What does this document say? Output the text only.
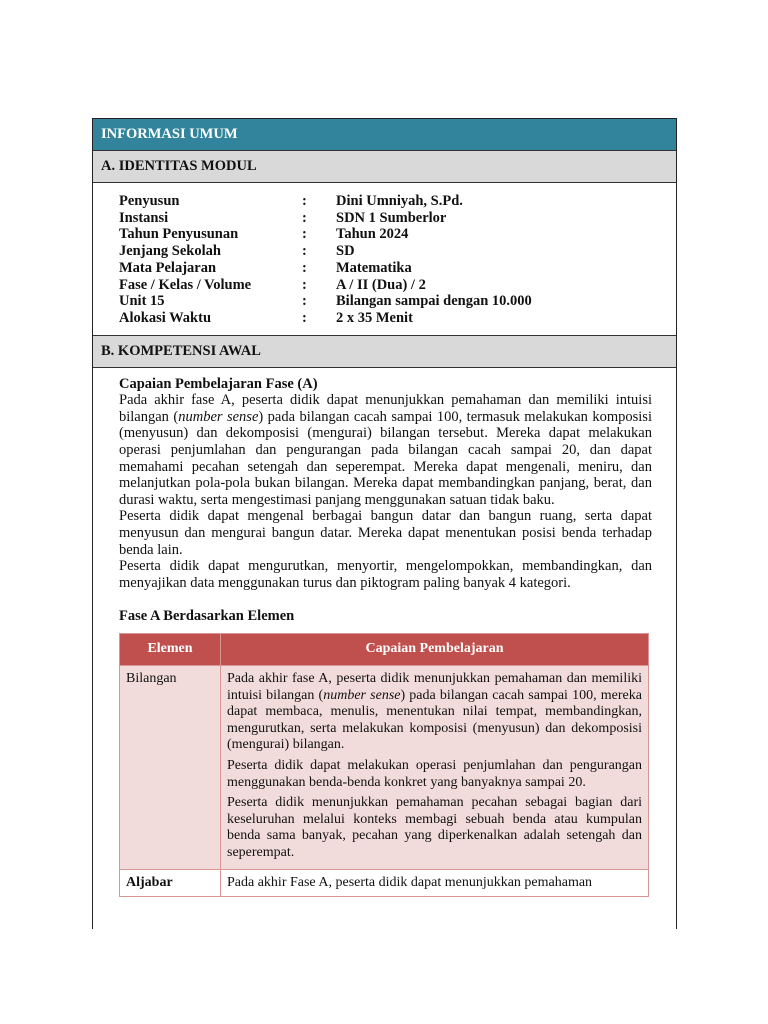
INFORMASI UMUM
A. IDENTITAS MODUL
Penyusun	:	Dini Umniyah, S.Pd.
Instansi	:	SDN 1 Sumberlor
Tahun Penyusunan	:	Tahun 2024
Jenjang Sekolah	:	SD
Mata Pelajaran	:	Matematika
Fase / Kelas / Volume	:	A / II (Dua) / 2
Unit 15	:	Bilangan sampai dengan 10.000
Alokasi Waktu	:	2 x 35 Menit
B. KOMPETENSI AWAL
Capaian Pembelajaran Fase (A)

Pada akhir fase A, peserta didik dapat menunjukkan pemahaman dan memiliki intuisi bilangan (number sense) pada bilangan cacah sampai 100, termasuk melakukan komposisi (menyusun) dan dekomposisi (mengurai) bilangan tersebut. Mereka dapat melakukan operasi penjumlahan dan pengurangan pada bilangan cacah sampai 20, dan dapat memahami pecahan setengah dan seperempat. Mereka dapat mengenali, meniru, dan melanjutkan pola-pola bukan bilangan. Mereka dapat membandingkan panjang, berat, dan durasi waktu, serta mengestimasi panjang menggunakan satuan tidak baku.

Peserta didik dapat mengenal berbagai bangun datar dan bangun ruang, serta dapat menyusun dan mengurai bangun datar. Mereka dapat menentukan posisi benda terhadap benda lain.

Peserta didik dapat mengurutkan, menyortir, mengelompokkan, membandingkan, dan menyajikan data menggunakan turus dan piktogram paling banyak 4 kategori.

Fase A Berdasarkan Elemen
Elemen	Capaian Pembelajaran
Bilangan	Pada akhir fase A, peserta didik menunjukkan pemahaman dan memiliki intuisi bilangan (number sense) pada bilangan cacah sampai 100, mereka dapat membaca, menulis, menentukan nilai tempat, membandingkan, mengurutkan, serta melakukan komposisi (menyusun) dan dekomposisi (mengurai) bilangan.

Peserta didik dapat melakukan operasi penjumlahan dan pengurangan menggunakan benda-benda konkret yang banyaknya sampai 20.

Peserta didik menunjukkan pemahaman pecahan sebagai bagian dari keseluruhan melalui konteks membagi sebuah benda atau kumpulan benda sama banyak, pecahan yang diperkenalkan adalah setengah dan seperempat.

Aljabar	Pada akhir Fase A, peserta didik dapat menunjukkan pemahaman
